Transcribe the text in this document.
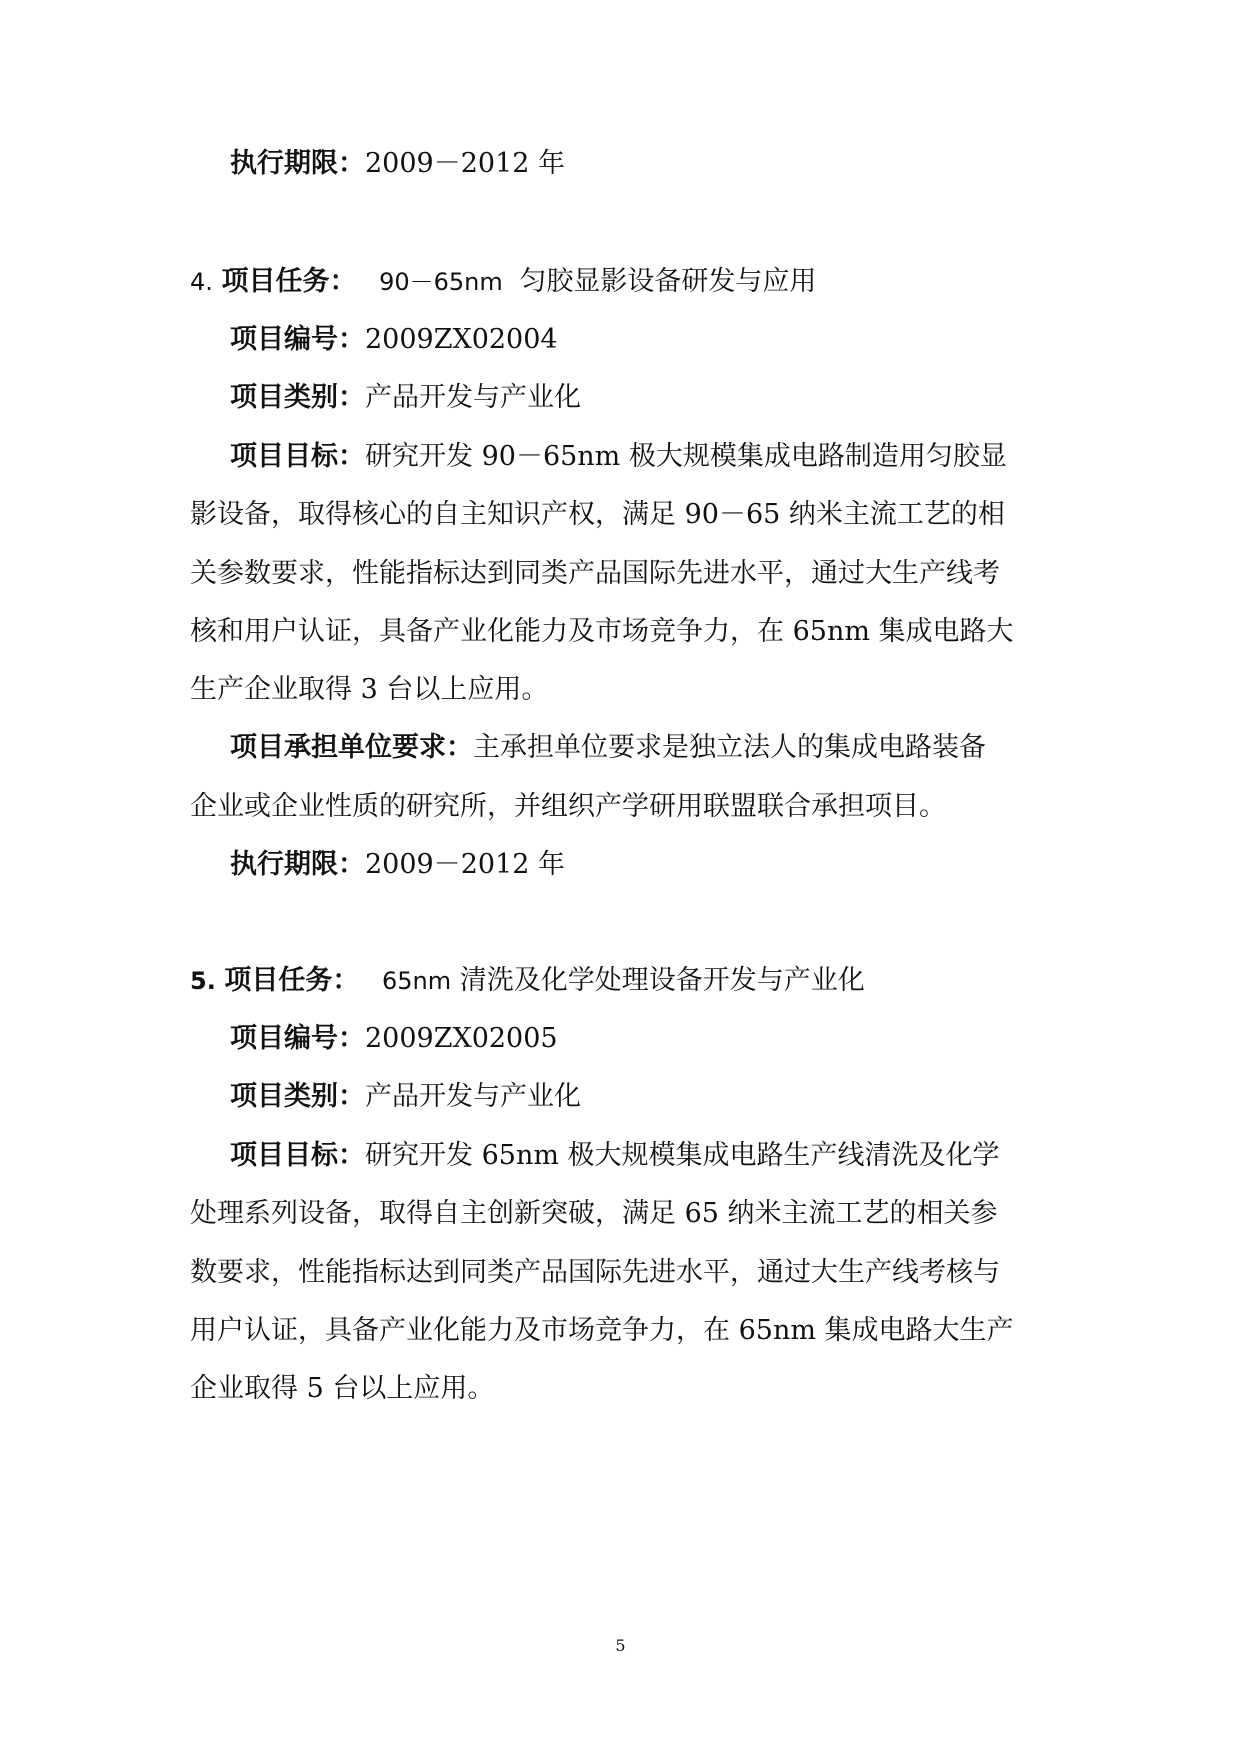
执行期限：2009－2012 年
4. 项目任务： 90－65nm 匀胶显影设备研发与应用
项目编号：2009ZX02004
项目类别：产品开发与产业化
项目目标：研究开发 90－65nm 极大规模集成电路制造用匀胶显
影设备，取得核心的自主知识产权，满足 90－65 纳米主流工艺的相
关参数要求，性能指标达到同类产品国际先进水平，通过大生产线考
核和用户认证，具备产业化能力及市场竞争力，在 65nm 集成电路大
生产企业取得 3 台以上应用。
项目承担单位要求：主承担单位要求是独立法人的集成电路装备
企业或企业性质的研究所，并组织产学研用联盟联合承担项目。
执行期限：2009－2012 年
5. 项目任务： 65nm 清洗及化学处理设备开发与产业化
项目编号：2009ZX02005
项目类别：产品开发与产业化
项目目标：研究开发 65nm 极大规模集成电路生产线清洗及化学
处理系列设备，取得自主创新突破，满足 65 纳米主流工艺的相关参
数要求，性能指标达到同类产品国际先进水平，通过大生产线考核与
用户认证，具备产业化能力及市场竞争力，在 65nm 集成电路大生产
企业取得 5 台以上应用。
5
